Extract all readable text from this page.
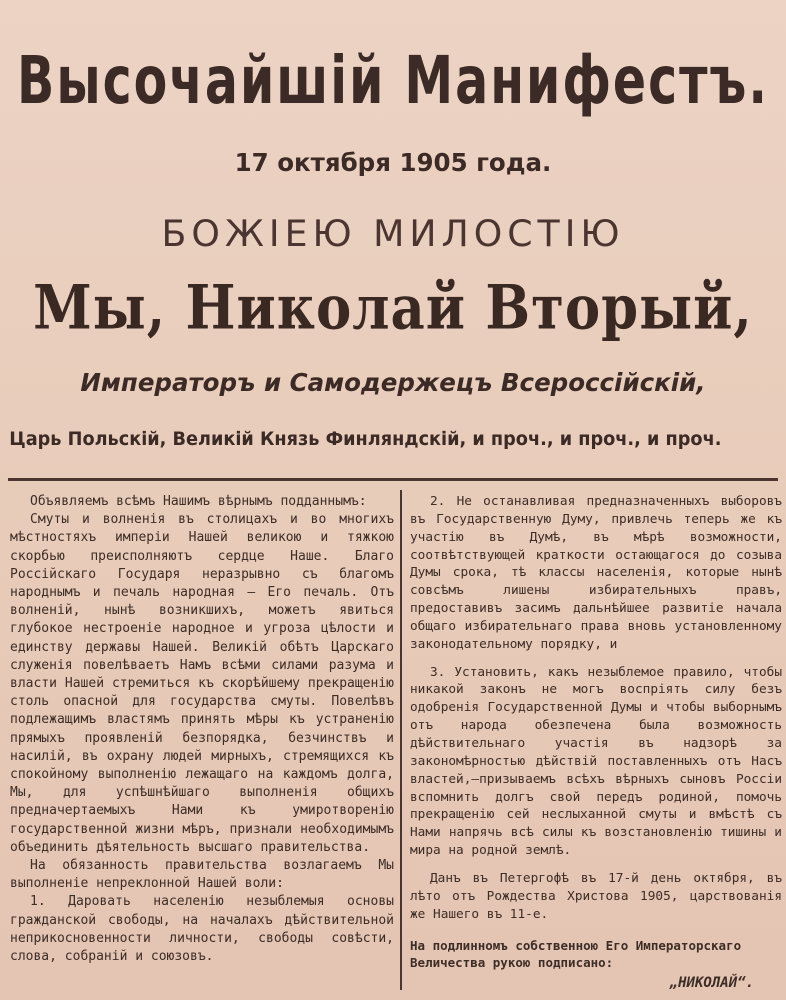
Высочайшій Манифестъ.
17 октября 1905 года.
БОЖІЕЮ МИЛОСТІЮ
Мы, Николай Вторый,
Императоръ и Самодержецъ Всероссійскій,
Царь Польскій, Великій Князь Финляндскій, и проч., и проч., и проч.

Объявляемъ всѣмъ Нашимъ вѣрнымъ подданнымъ:

Смуты и волненія въ столицахъ и во многихъ мѣстностяхъ имперіи Нашей великою и тяжкою скорбью преисполняютъ сердце Наше. Благо Россійскаго Государя неразрывно съ благомъ народнымъ и печаль народная — Его печаль. Отъ волненій, нынѣ возникшихъ, можетъ явиться глубокое нестроеніе народное и угроза цѣлости и единству державы Нашей. Великій обѣтъ Царскаго служенія повелѣваетъ Намъ всѣми силами разума и власти Нашей стремиться къ скорѣйшему прекращенію столь опасной для государства смуты. Повелѣвъ подлежащимъ властямъ принять мѣры къ устраненію прямыхъ проявленій безпорядка, безчинствъ и насилій, въ охрану людей мирныхъ, стремящихся къ спокойному выполненію лежащаго на каждомъ долга, Мы, для успѣшнѣйшаго выполненія общихъ предначертаемыхъ Нами къ умиротворенію государственной жизни мѣръ, признали необходимымъ объединить дѣятельность высшаго правительства.

На обязанность правительства возлагаемъ Мы выполненіе непреклонной Нашей воли:

1. Даровать населенію незыблемыя основы гражданской свободы, на началахъ дѣйствительной неприкосновенности личности, свободы совѣсти, слова, собраній и союзовъ.

2. Не останавливая предназначенныхъ выборовъ въ Государственную Думу, привлечь теперь же къ участію въ Думѣ, въ мѣрѣ возможности, соотвѣтствующей краткости остающагося до созыва Думы срока, тѣ классы населенія, которые нынѣ совсѣмъ лишены избирательныхъ правъ, предоставивъ засимъ дальнѣйшее развитіе начала общаго избирательнаго права вновь установленному законодательному порядку, и

3. Установить, какъ незыблемое правило, чтобы никакой законъ не могъ воспріять силу безъ одобренія Государственной Думы и чтобы выборнымъ отъ народа обезпечена была возможность дѣйствительнаго участія въ надзорѣ за закономѣрностью дѣйствій поставленныхъ отъ Насъ властей,—призываемъ всѣхъ вѣрныхъ сыновъ Россіи вспомнить долгъ свой передъ родиной, помочь прекращенію сей неслыханной смуты и вмѣстѣ съ Нами напрячь всѣ силы къ возстановленію тишины и мира на родной землѣ.

Данъ въ Петергофѣ въ 17-й день октября, въ лѣто отъ Рождества Христова 1905, царствованія же Нашего въ 11-е.

На подлинномъ собственною Его Императорскаго Величества рукою подписано:

„НИКОЛАЙ“.
